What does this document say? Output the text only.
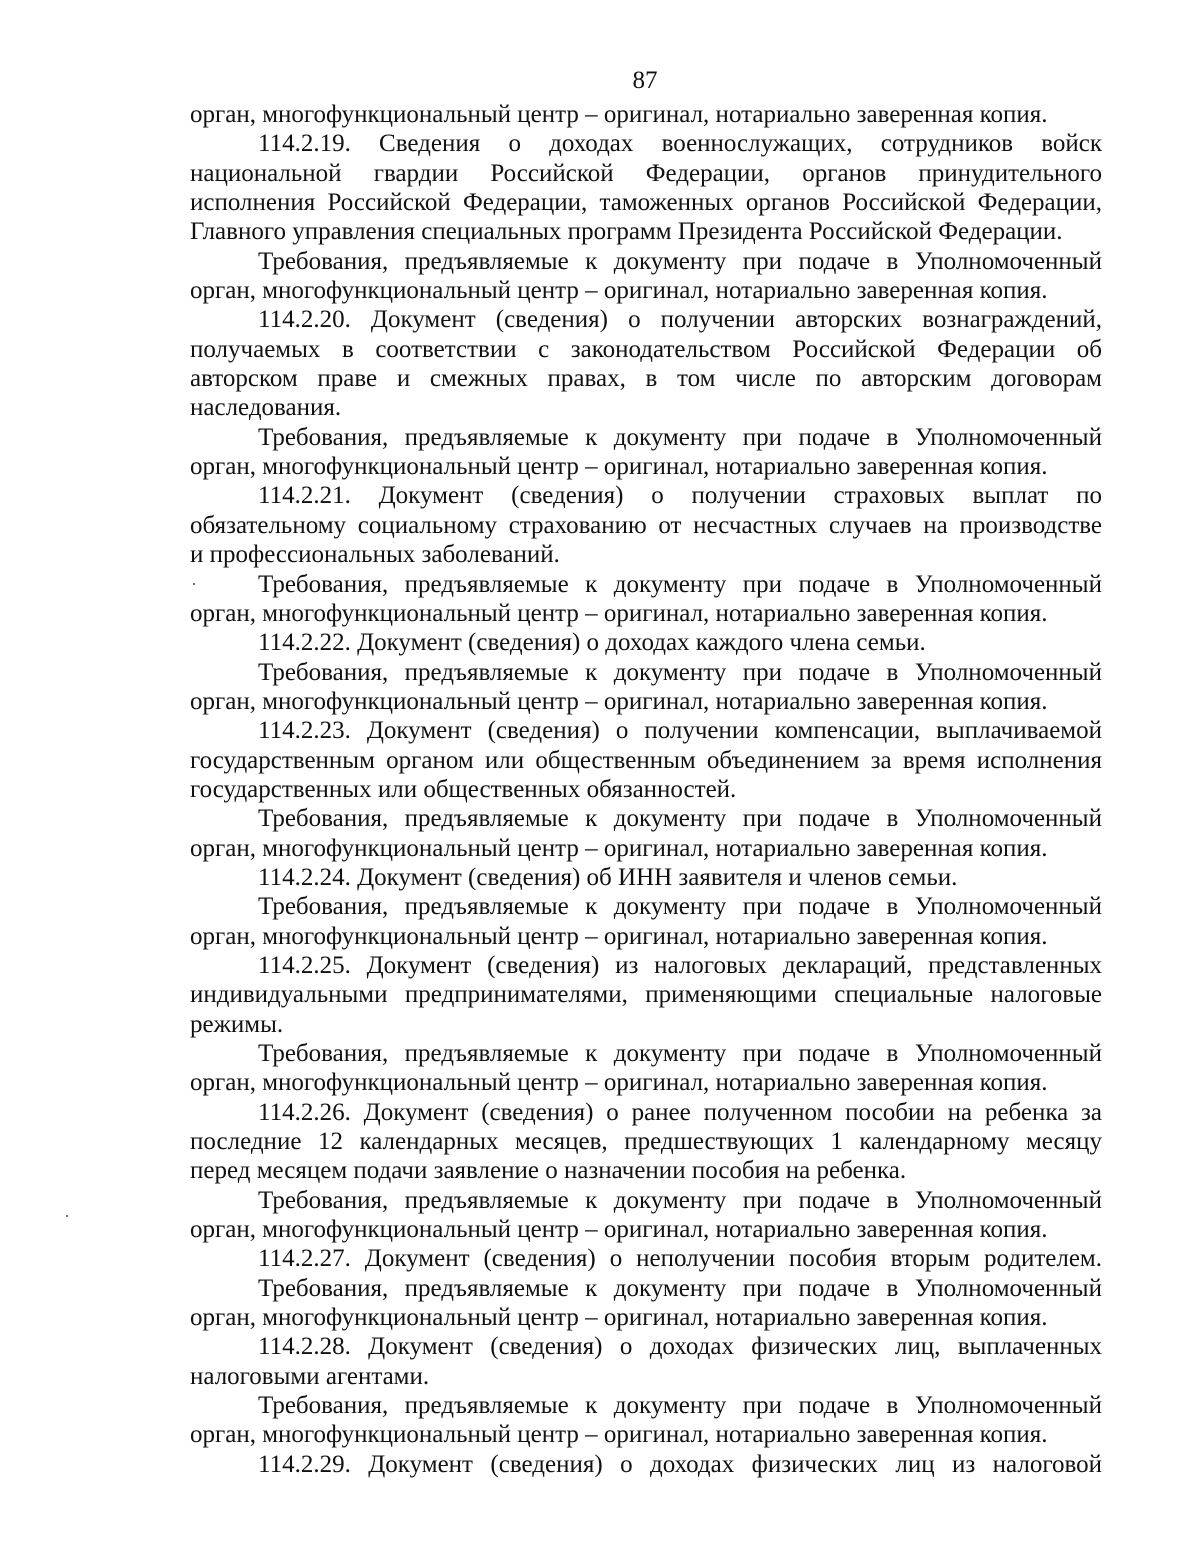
87
орган, многофункциональный центр – оригинал, нотариально заверенная копия.
114.2.19. Сведения о доходах военнослужащих, сотрудников войск
национальной гвардии Российской Федерации, органов принудительного
исполнения Российской Федерации, таможенных органов Российской Федерации,
Главного управления специальных программ Президента Российской Федерации.
Требования, предъявляемые к документу при подаче в Уполномоченный
орган, многофункциональный центр – оригинал, нотариально заверенная копия.
114.2.20. Документ (сведения) о получении авторских вознаграждений,
получаемых в соответствии с законодательством Российской Федерации об
авторском праве и смежных правах, в том числе по авторским договорам
наследования.
Требования, предъявляемые к документу при подаче в Уполномоченный
орган, многофункциональный центр – оригинал, нотариально заверенная копия.
114.2.21. Документ (сведения) о получении страховых выплат по
обязательному социальному страхованию от несчастных случаев на производстве
и профессиональных заболеваний.
Требования, предъявляемые к документу при подаче в Уполномоченный
орган, многофункциональный центр – оригинал, нотариально заверенная копия.
114.2.22. Документ (сведения) о доходах каждого члена семьи.
Требования, предъявляемые к документу при подаче в Уполномоченный
орган, многофункциональный центр – оригинал, нотариально заверенная копия.
114.2.23. Документ (сведения) о получении компенсации, выплачиваемой
государственным органом или общественным объединением за время исполнения
государственных или общественных обязанностей.
Требования, предъявляемые к документу при подаче в Уполномоченный
орган, многофункциональный центр – оригинал, нотариально заверенная копия.
114.2.24. Документ (сведения) об ИНН заявителя и членов семьи.
Требования, предъявляемые к документу при подаче в Уполномоченный
орган, многофункциональный центр – оригинал, нотариально заверенная копия.
114.2.25. Документ (сведения) из налоговых деклараций, представленных
индивидуальными предпринимателями, применяющими специальные налоговые
режимы.
Требования, предъявляемые к документу при подаче в Уполномоченный
орган, многофункциональный центр – оригинал, нотариально заверенная копия.
114.2.26. Документ (сведения) о ранее полученном пособии на ребенка за
последние 12 календарных месяцев, предшествующих 1 календарному месяцу
перед месяцем подачи заявление о назначении пособия на ребенка.
Требования, предъявляемые к документу при подаче в Уполномоченный
орган, многофункциональный центр – оригинал, нотариально заверенная копия.
114.2.27. Документ (сведения) о неполучении пособия вторым родителем.
Требования, предъявляемые к документу при подаче в Уполномоченный
орган, многофункциональный центр – оригинал, нотариально заверенная копия.
114.2.28. Документ (сведения) о доходах физических лиц, выплаченных
налоговыми агентами.
Требования, предъявляемые к документу при подаче в Уполномоченный
орган, многофункциональный центр – оригинал, нотариально заверенная копия.
114.2.29. Документ (сведения) о доходах физических лиц из налоговой
